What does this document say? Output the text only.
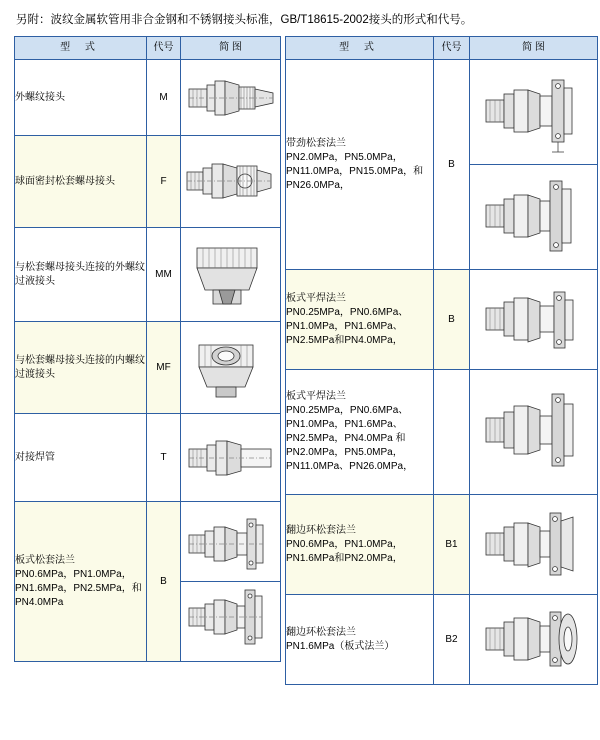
另附：波纹金属软管用非合金钢和不锈钢接头标准，GB/T18615-2002接头的形式和代号。
型 式	代号	简 图
外螺纹接头	M	

球面密封松套螺母接头	F	

与松套螺母接头连接的外螺纹过液接头	MM	

与松套螺母接头连接的内螺纹过渡接头	MF	

对接焊管	T	

板式松套法兰
PN0.6MPa，PN1.0MPa，PN1.6MPa，PN2.5MPa，和PN4.0MPa	B	
型 式	代号	简 图

带劲松套法兰
PN2.0MPa，PN5.0MPa，PN11.0MPa，PN15.0MPa，和PN26.0MPa，	B	

板式平焊法兰
PN0.25MPa，PN0.6MPa、PN1.0MPa，PN1.6MPa、PN2.5MPa和PN4.0MPa，	B	

板式平焊法兰
PN0.25MPa，PN0.6MPa、PN1.0MPa，PN1.6MPa、PN2.5MPa，PN4.0MPa 和PN2.0MPa，PN5.0MPa，PN11.0MPa、PN26.0MPa，

翻边环松套法兰
PN0.6MPa，PN1.0MPa，PN1.6MPa和PN2.0MPa，	B1	

翻边环松套法兰
PN1.6MPa（板式法兰）	B2	
